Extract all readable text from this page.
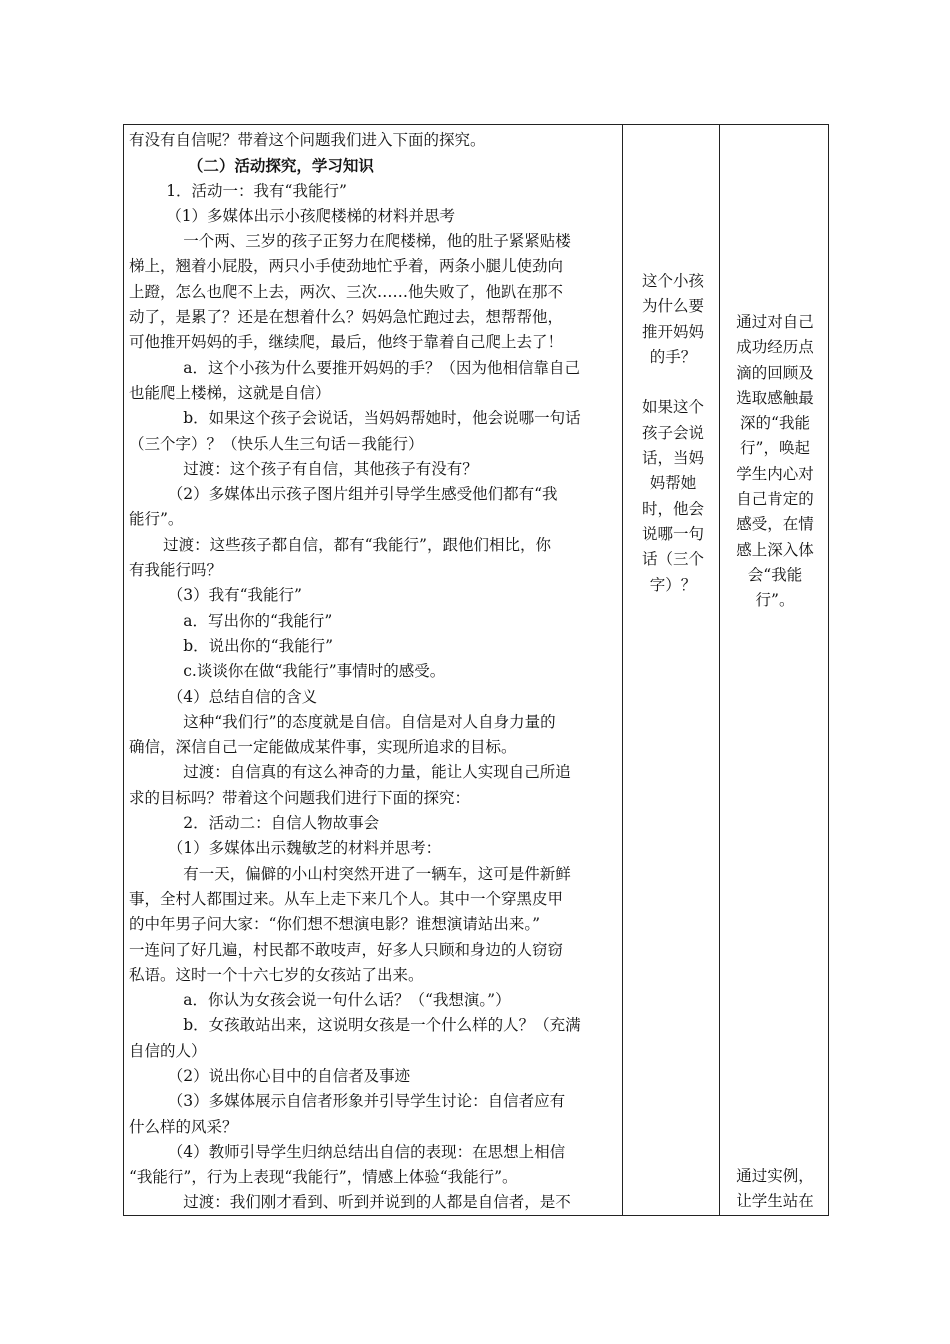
有没有自信呢？带着这个问题我们进入下面的探究。

（二）活动探究，学习知识

1．活动一：我有“我能行”

（1）多媒体出示小孩爬楼梯的材料并思考

一个两、三岁的孩子正努力在爬楼梯，他的肚子紧紧贴楼

梯上，翘着小屁股，两只小手使劲地忙乎着，两条小腿儿使劲向

上蹬，怎么也爬不上去，两次、三次……他失败了，他趴在那不

动了，是累了？还是在想着什么？妈妈急忙跑过去，想帮帮他，

可他推开妈妈的手，继续爬，最后，他终于靠着自己爬上去了！

a．这个小孩为什么要推开妈妈的手？（因为他相信靠自己

也能爬上楼梯，这就是自信）

b．如果这个孩子会说话，当妈妈帮她时，他会说哪一句话

（三个字）？（快乐人生三句话－我能行）

过渡：这个孩子有自信，其他孩子有没有？

（2）多媒体出示孩子图片组并引导学生感受他们都有“我

能行”。

过渡：这些孩子都自信，都有“我能行”，跟他们相比，你

有我能行吗？

（3）我有“我能行”

a．写出你的“我能行”

b．说出你的“我能行”

c.谈谈你在做“我能行”事情时的感受。

（4）总结自信的含义

这种“我们行”的态度就是自信。自信是对人自身力量的

确信，深信自己一定能做成某件事，实现所追求的目标。

过渡：自信真的有这么神奇的力量，能让人实现自己所追

求的目标吗？带着这个问题我们进行下面的探究：

2．活动二：自信人物故事会

（1）多媒体出示魏敏芝的材料并思考：

有一天，偏僻的小山村突然开进了一辆车，这可是件新鲜

事，全村人都围过来。从车上走下来几个人。其中一个穿黑皮甲

的中年男子问大家：“你们想不想演电影？谁想演请站出来。”

一连问了好几遍，村民都不敢吱声，好多人只顾和身边的人窃窃

私语。这时一个十六七岁的女孩站了出来。

a．你认为女孩会说一句什么话？（“我想演。”）

b．女孩敢站出来，这说明女孩是一个什么样的人？（充满

自信的人）

（2）说出你心目中的自信者及事迹

（3）多媒体展示自信者形象并引导学生讨论：自信者应有

什么样的风采？

（4）教师引导学生归纳总结出自信的表现：在思想上相信

“我能行”，行为上表现“我能行”，情感上体验“我能行”。

过渡：我们刚才看到、听到并说到的人都是自信者，是不

这个小孩

为什么要

推开妈妈

的手？

如果这个

孩子会说

话，当妈

妈帮她

时，他会

说哪一句

话（三个

字）？

通过对自己

成功经历点

滴的回顾及

选取感触最

深的“我能

行”，唤起

学生内心对

自己肯定的

感受，在情

感上深入体

会“我能

行”。

通过实例，

让学生站在
